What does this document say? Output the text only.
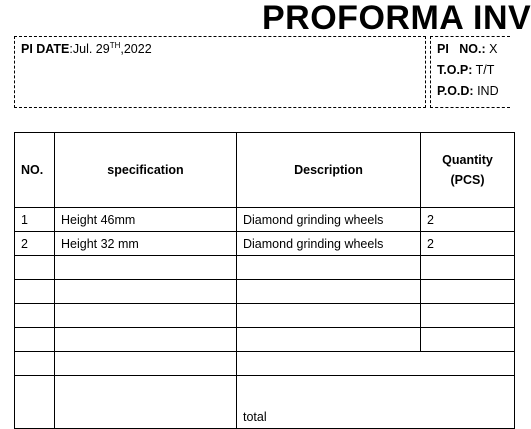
PROFORMA INV
PI DATE:Jul. 29TH,2022	PI   NO.: X
T.O.P: T/T
P.O.D: IND
NO.	specification	Description	Quantity
(PCS)

1	Height 46mm	Diamond grinding wheels	2
2	Height 32 mm	Diamond grinding wheels	2

		total	
